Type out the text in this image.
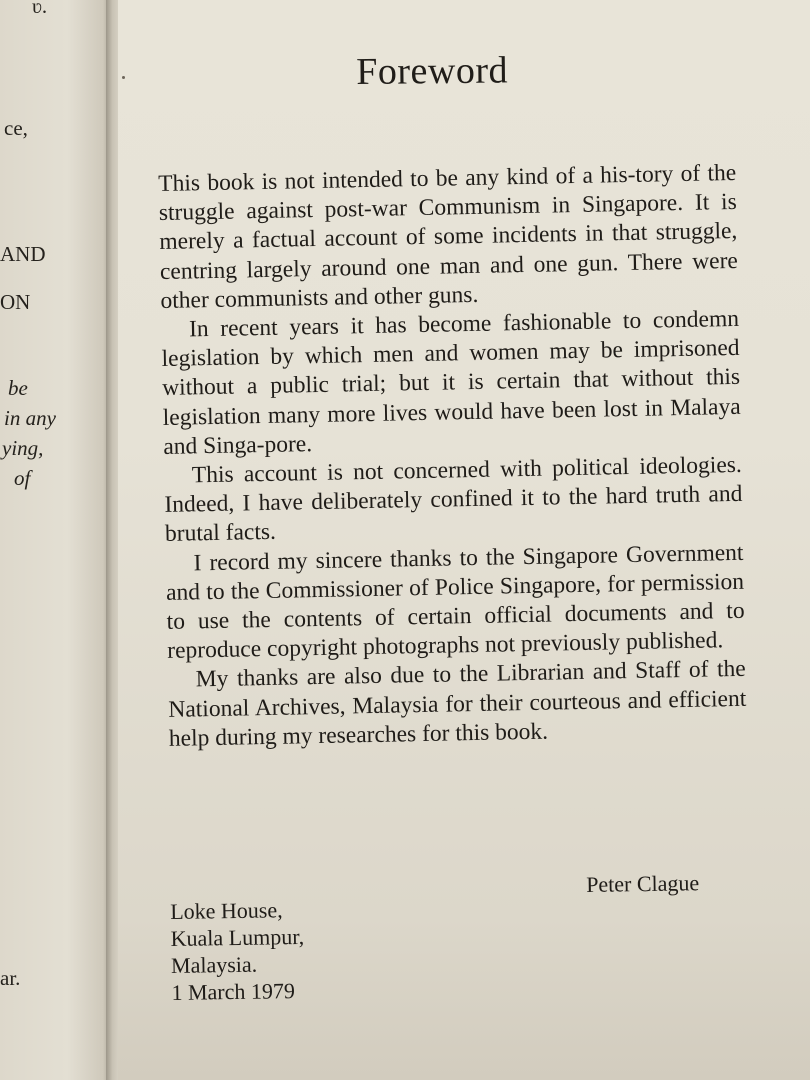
ʋ.
ce,
AND
ON
be
in any
ying,
of
ar.
Foreword

This book is not intended to be any kind of a his-tory of the struggle against post-war Communism in Singapore. It is merely a factual account of some incidents in that struggle, centring largely around one man and one gun. There were other communists and other guns.

In recent years it has become fashionable to condemn legislation by which men and women may be imprisoned without a public trial; but it is certain that without this legislation many more lives would have been lost in Malaya and Singa-pore.

This account is not concerned with political ideologies. Indeed, I have deliberately confined it to the hard truth and brutal facts.

I record my sincere thanks to the Singapore Government and to the Commissioner of Police Singapore, for permission to use the contents of certain official documents and to reproduce copyright photographs not previously published.

My thanks are also due to the Librarian and Staff of the National Archives, Malaysia for their courteous and efficient help during my researches for this book.

Peter Clague
Loke House,
Kuala Lumpur,
Malaysia.
1 March 1979
